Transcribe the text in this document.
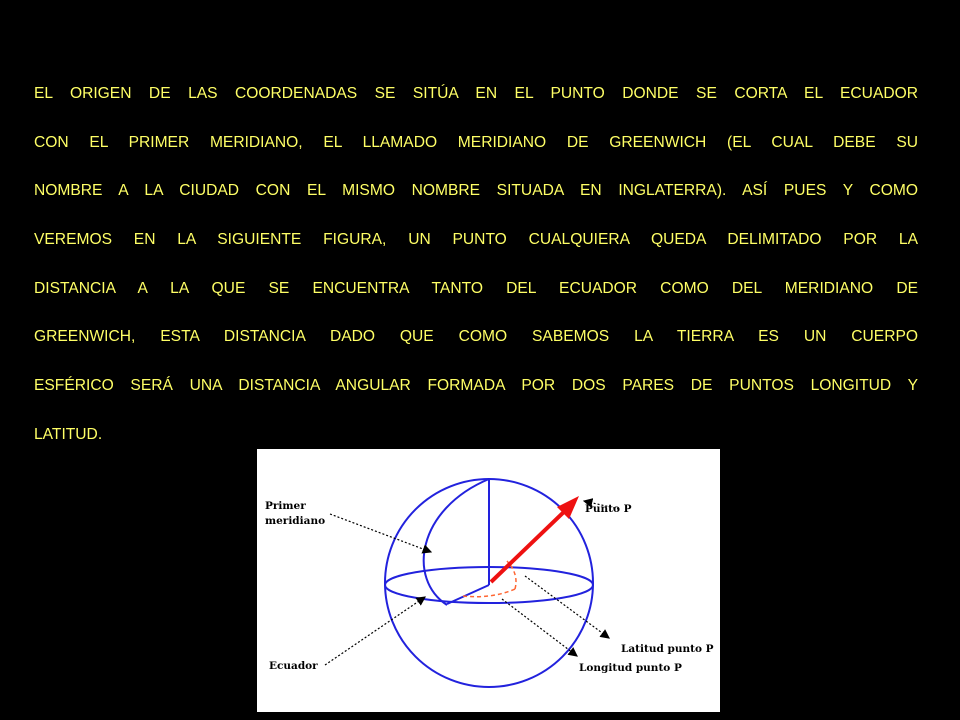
EL ORIGEN DE LAS COORDENADAS SE SITÚA EN EL PUNTO DONDE SE CORTA EL ECUADOR
CON EL PRIMER MERIDIANO, EL LLAMADO MERIDIANO DE GREENWICH (EL CUAL DEBE SU
NOMBRE A LA CIUDAD CON EL MISMO NOMBRE SITUADA EN INGLATERRA). ASÍ PUES Y COMO
VEREMOS EN LA SIGUIENTE FIGURA, UN PUNTO CUALQUIERA QUEDA DELIMITADO POR LA
DISTANCIA A LA QUE SE ENCUENTRA TANTO DEL ECUADOR COMO DEL MERIDIANO DE
GREENWICH, ESTA DISTANCIA DADO QUE COMO SABEMOS LA TIERRA ES UN CUERPO
ESFÉRICO SERÁ UNA DISTANCIA ANGULAR FORMADA POR DOS PARES DE PUNTOS LONGITUD Y
LATITUD.
Primer
meridiano
Punto P
Ecuador
Latitud punto P
Longitud punto P
